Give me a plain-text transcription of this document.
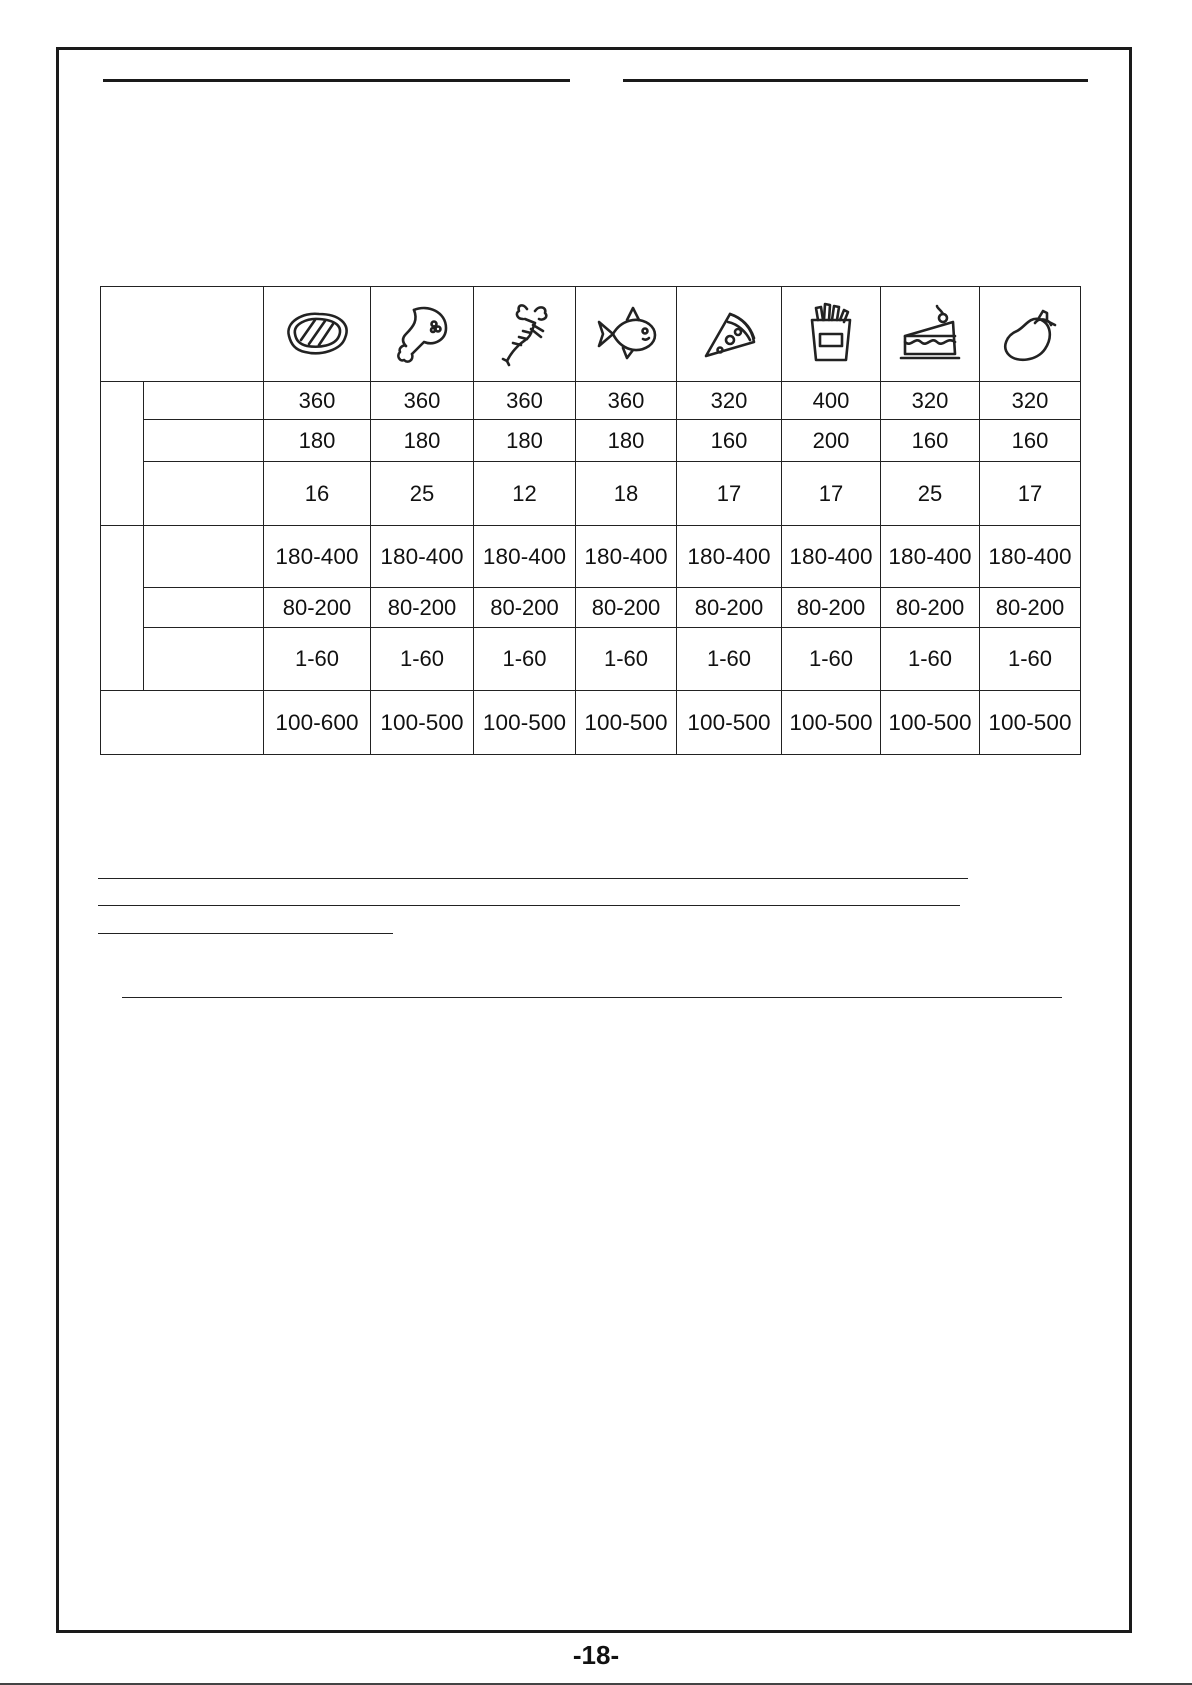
		360	360	360	360	320	400	320	320
		180	180	180	180	160	200	160	160
		16	25	12	18	17	17	25	17
		180-400	180-400	180-400	180-400	180-400	180-400	180-400	180-400
		80-200	80-200	80-200	80-200	80-200	80-200	80-200	80-200
		1-60	1-60	1-60	1-60	1-60	1-60	1-60	1-60
		100-600	100-500	100-500	100-500	100-500	100-500	100-500	100-500
-18-
